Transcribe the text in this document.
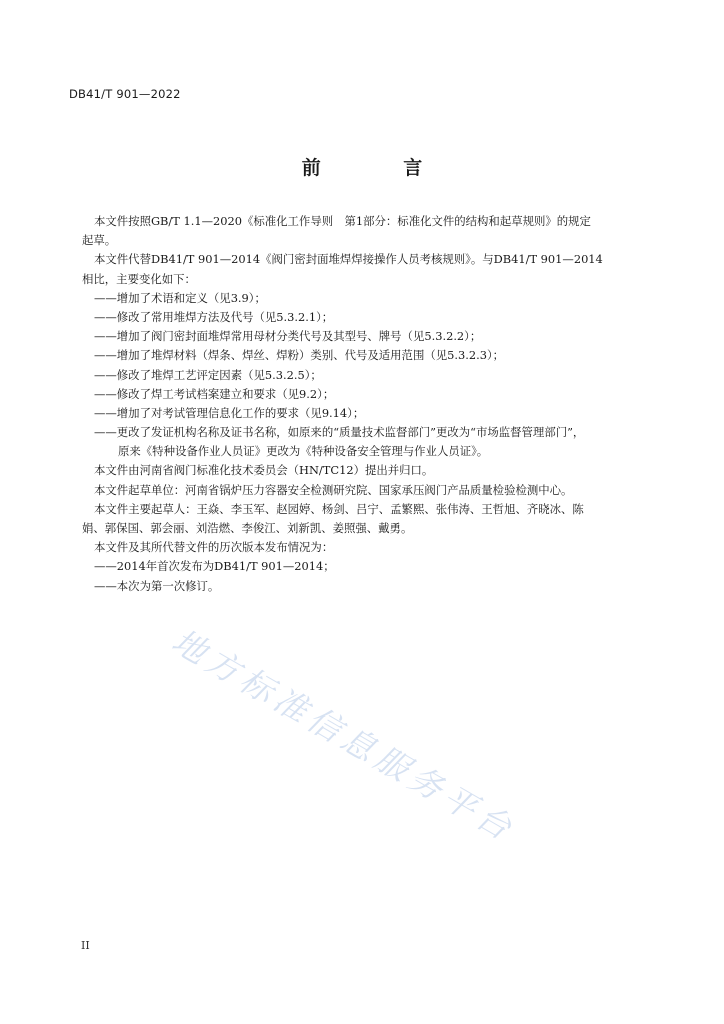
DB41/T 901—2022
前 言
本文件按照GB/T 1.1—2020《标准化工作导则　第1部分：标准化文件的结构和起草规则》的规定
起草。
本文件代替DB41/T 901—2014《阀门密封面堆焊焊接操作人员考核规则》。与DB41/T 901—2014
相比，主要变化如下：
——增加了术语和定义（见3.9）；
——修改了常用堆焊方法及代号（见5.3.2.1）；
——增加了阀门密封面堆焊常用母材分类代号及其型号、牌号（见5.3.2.2）；
——增加了堆焊材料（焊条、焊丝、焊粉）类别、代号及适用范围（见5.3.2.3）；
——修改了堆焊工艺评定因素（见5.3.2.5）；
——修改了焊工考试档案建立和要求（见9.2）；
——增加了对考试管理信息化工作的要求（见9.14）；
——更改了发证机构名称及证书名称，如原来的“质量技术监督部门”更改为“市场监督管理部门”，
原来《特种设备作业人员证》更改为《特种设备安全管理与作业人员证》。
本文件由河南省阀门标准化技术委员会（HN/TC12）提出并归口。
本文件起草单位：河南省锅炉压力容器安全检测研究院、国家承压阀门产品质量检验检测中心。
本文件主要起草人：王焱、李玉军、赵园婷、杨剑、吕宁、孟繁熙、张伟涛、王哲旭、齐晓冰、陈
娟、郭保国、郭会丽、刘浩燃、李俊江、刘新凯、姜照强、戴勇。
本文件及其所代替文件的历次版本发布情况为：
——2014年首次发布为DB41/T 901—2014；
——本次为第一次修订。
地方标准信息服务平台
II
